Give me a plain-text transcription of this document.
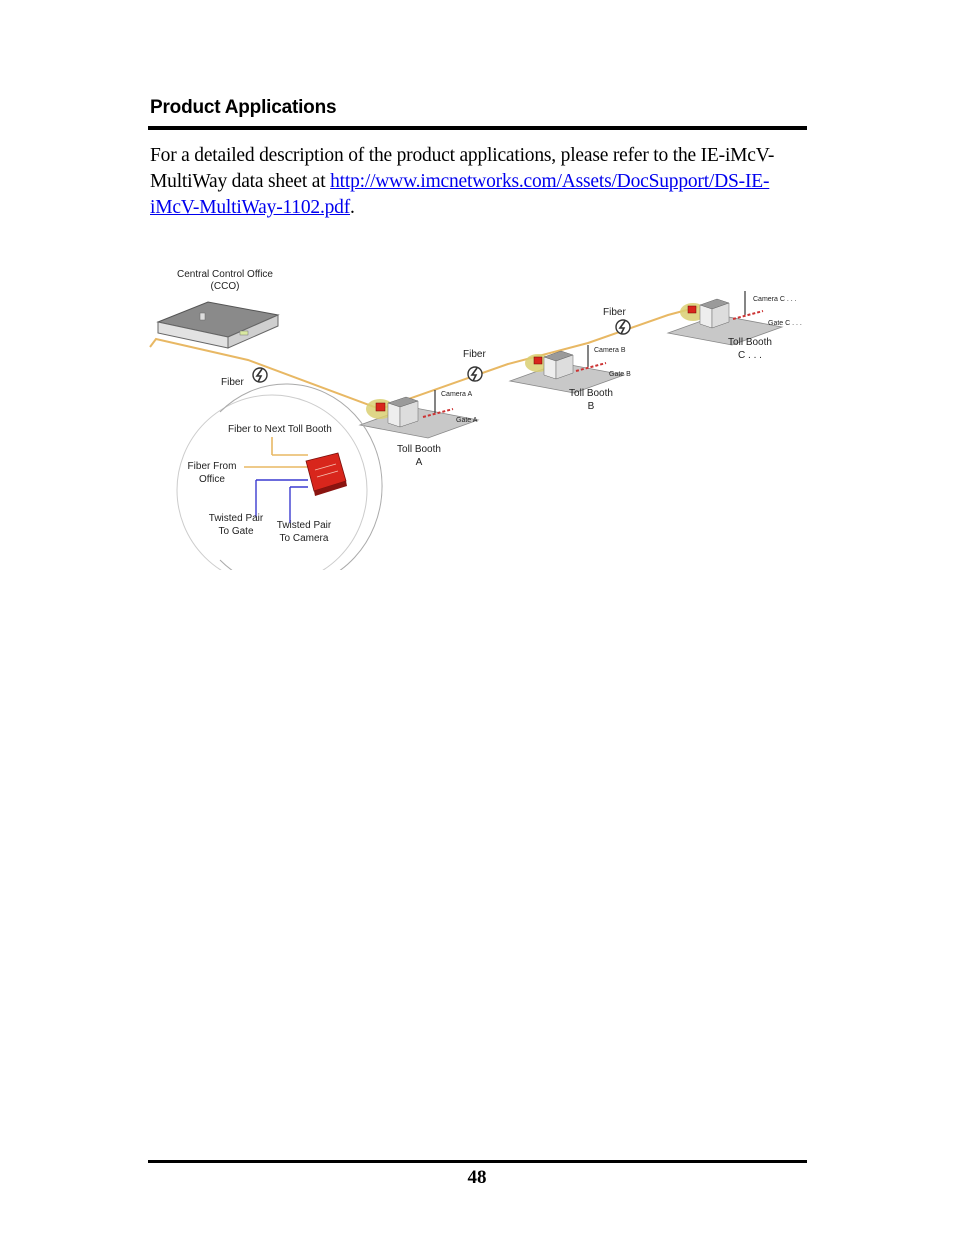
Product Applications
For a detailed description of the product applications, please refer to the IE-iMcV-MultiWay data sheet at http://www.imcnetworks.com/Assets/DocSupport/DS-IE-iMcV-MultiWay-1102.pdf.
Central Control Office
(CCO)
Fiber
Fiber
Fiber
Camera A
Gate A
Toll Booth
A
Camera B
Gate B
Toll Booth
B
Camera C . . .
Gate C . . .
Toll Booth
C . . .
Fiber to Next Toll Booth
Fiber From
Office
Twisted Pair
To Gate
Twisted Pair
To Camera
48
